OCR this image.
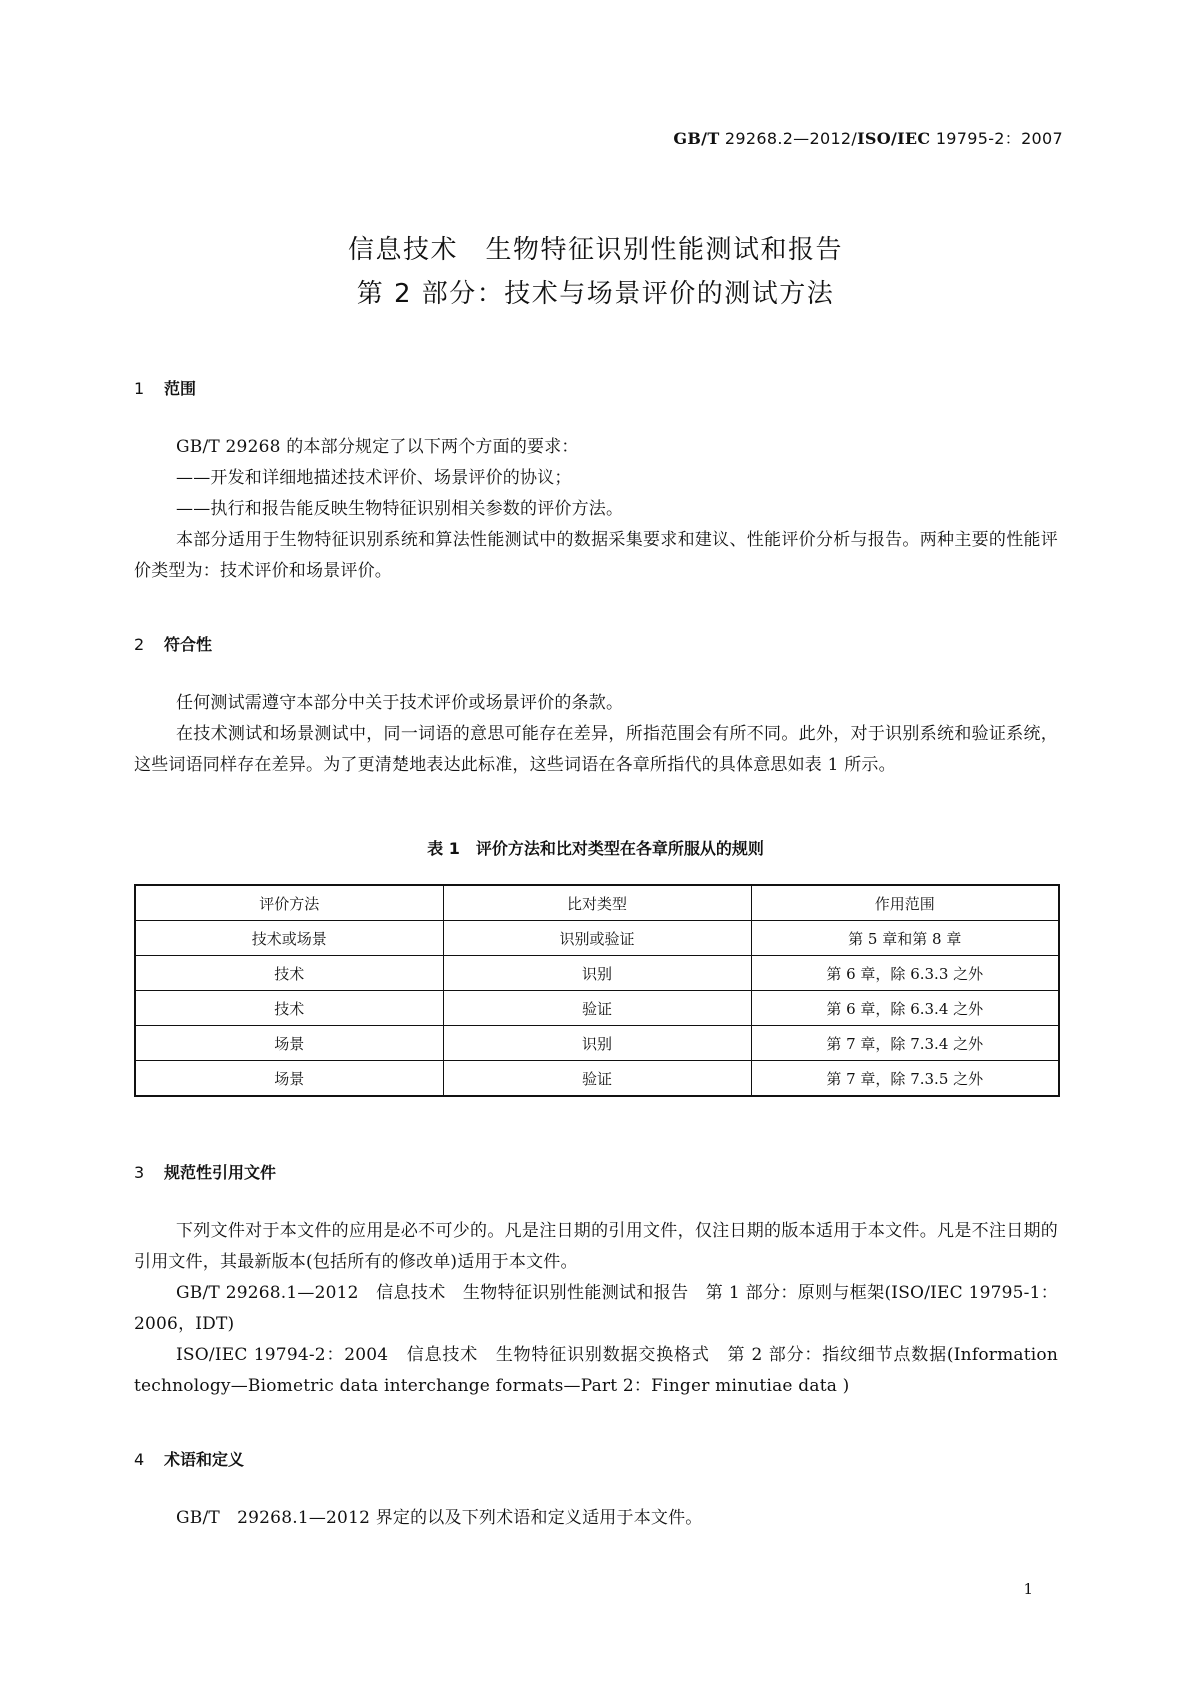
GB/T 29268.2—2012/ISO/IEC 19795-2：2007
信息技术　生物特征识别性能测试和报告
第 2 部分：技术与场景评价的测试方法
1 范围
GB/T 29268 的本部分规定了以下两个方面的要求：
——开发和详细地描述技术评价、场景评价的协议；
——执行和报告能反映生物特征识别相关参数的评价方法。
本部分适用于生物特征识别系统和算法性能测试中的数据采集要求和建议、性能评价分析与报告。两种主要的性能评价类型为：技术评价和场景评价。
2 符合性
任何测试需遵守本部分中关于技术评价或场景评价的条款。
在技术测试和场景测试中，同一词语的意思可能存在差异，所指范围会有所不同。此外，对于识别系统和验证系统，这些词语同样存在差异。为了更清楚地表达此标准，这些词语在各章所指代的具体意思如表 1 所示。
表 1　评价方法和比对类型在各章所服从的规则
评价方法	比对类型	作用范围
技术或场景	识别或验证	第 5 章和第 8 章
技术	识别	第 6 章，除 6.3.3 之外
技术	验证	第 6 章，除 6.3.4 之外
场景	识别	第 7 章，除 7.3.4 之外
场景	验证	第 7 章，除 7.3.5 之外
3 规范性引用文件
下列文件对于本文件的应用是必不可少的。凡是注日期的引用文件，仅注日期的版本适用于本文件。凡是不注日期的引用文件，其最新版本(包括所有的修改单)适用于本文件。
GB/T 29268.1—2012　信息技术　生物特征识别性能测试和报告　第 1 部分：原则与框架(ISO/IEC 19795-1：2006，IDT)
ISO/IEC 19794-2：2004　信息技术　生物特征识别数据交换格式　第 2 部分：指纹细节点数据(Information technology—Biometric data interchange formats—Part 2：Finger minutiae data )
4 术语和定义
GB/T　29268.1—2012 界定的以及下列术语和定义适用于本文件。
1
